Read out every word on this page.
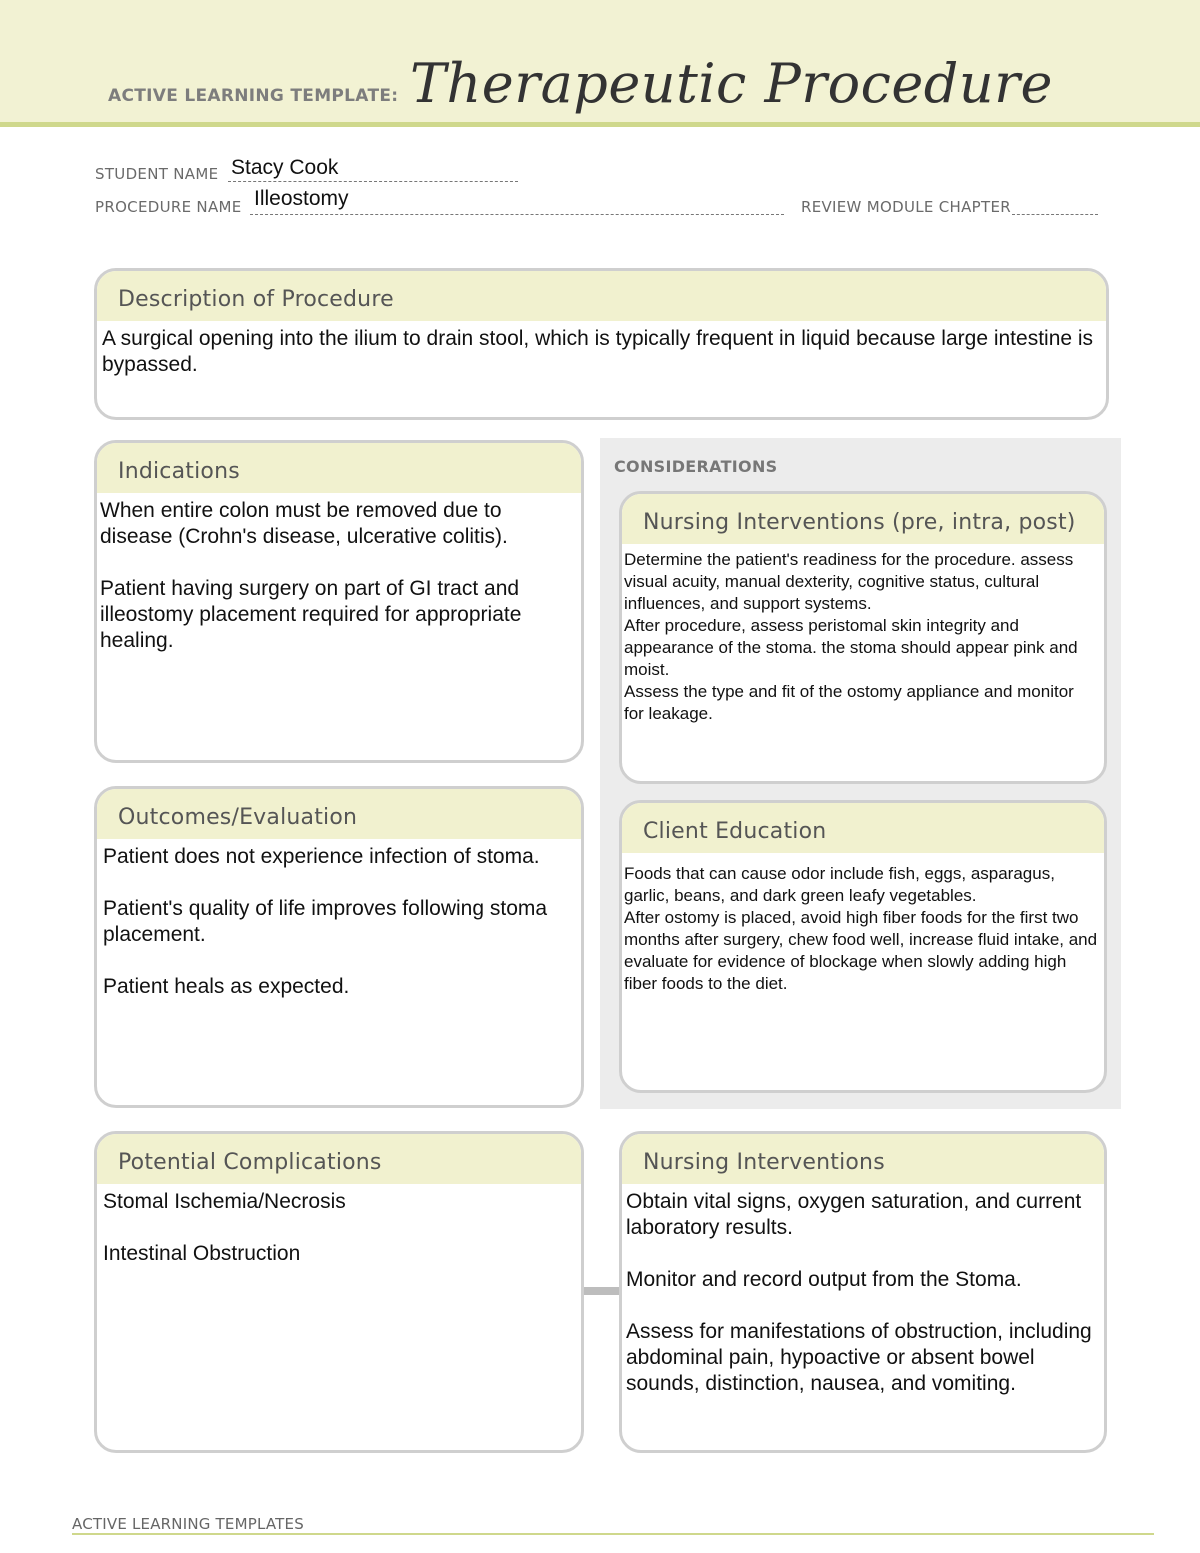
ACTIVE LEARNING TEMPLATE: Therapeutic Procedure
STUDENT NAME Stacy Cook
PROCEDURE NAME Illeostomy	REVIEW MODULE CHAPTER
Description of Procedure

A surgical opening into the ilium to drain stool, which is typically frequent in liquid because large intestine is bypassed.

CONSIDERATIONS
Indications

When entire colon must be removed due to disease (Crohn's disease, ulcerative colitis).

Patient having surgery on part of GI tract and illeostomy placement required for appropriate healing.

Nursing Interventions (pre, intra, post)

Determine the patient's readiness for the procedure. assess visual acuity, manual dexterity, cognitive status, cultural influences, and support systems.

After procedure, assess peristomal skin integrity and appearance of the stoma. the stoma should appear pink and moist.

Assess the type and fit of the ostomy appliance and monitor for leakage.

Outcomes/Evaluation

Patient does not experience infection of stoma.

Patient's quality of life improves following stoma placement.

Patient heals as expected.

Client Education

Foods that can cause odor include fish, eggs, asparagus, garlic, beans, and dark green leafy vegetables.

After ostomy is placed, avoid high fiber foods for the first two months after surgery, chew food well, increase fluid intake, and evaluate for evidence of blockage when slowly adding high fiber foods to the diet.

Potential Complications

Stomal Ischemia/Necrosis

Intestinal Obstruction

Nursing Interventions

Obtain vital signs, oxygen saturation, and current laboratory results.

Monitor and record output from the Stoma.

Assess for manifestations of obstruction, including abdominal pain, hypoactive or absent bowel sounds, distinction, nausea, and vomiting.

ACTIVE LEARNING TEMPLATES
